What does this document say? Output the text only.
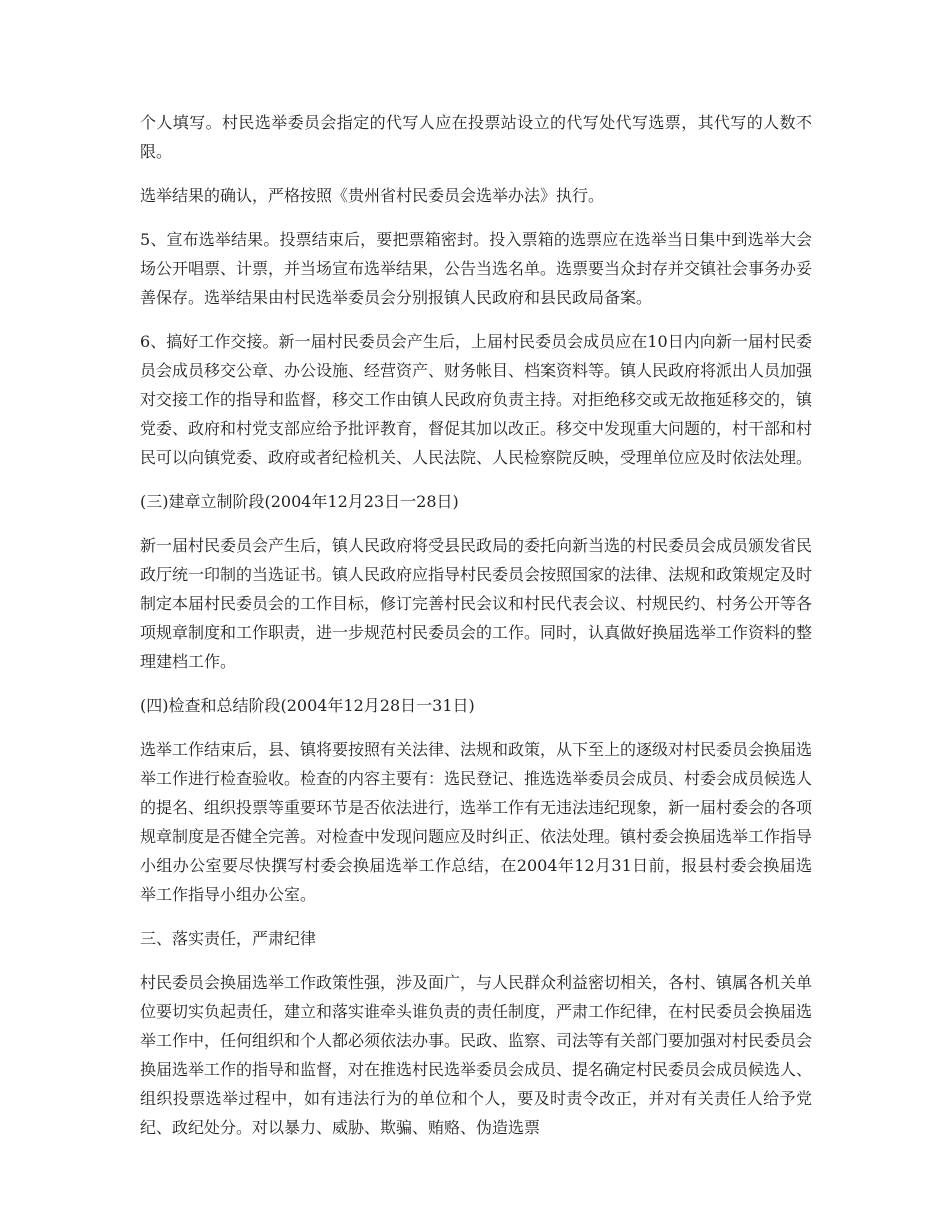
个人填写。村民选举委员会指定的代写人应在投票站设立的代写处代写选票，其代写的人数不限。

选举结果的确认，严格按照《贵州省村民委员会选举办法》执行。

5、宣布选举结果。投票结束后，要把票箱密封。投入票箱的选票应在选举当日集中到选举大会场公开唱票、计票，并当场宣布选举结果，公告当选名单。选票要当众封存并交镇社会事务办妥善保存。选举结果由村民选举委员会分别报镇人民政府和县民政局备案。

6、搞好工作交接。新一届村民委员会产生后，上届村民委员会成员应在10日内向新一届村民委员会成员移交公章、办公设施、经营资产、财务帐目、档案资料等。镇人民政府将派出人员加强对交接工作的指导和监督，移交工作由镇人民政府负责主持。对拒绝移交或无故拖延移交的，镇党委、政府和村党支部应给予批评教育，督促其加以改正。移交中发现重大问题的，村干部和村民可以向镇党委、政府或者纪检机关、人民法院、人民检察院反映，受理单位应及时依法处理。

(三)建章立制阶段(2004年12月23日一28日)

新一届村民委员会产生后，镇人民政府将受县民政局的委托向新当选的村民委员会成员颁发省民政厅统一印制的当选证书。镇人民政府应指导村民委员会按照国家的法律、法规和政策规定及时制定本届村民委员会的工作目标，修订完善村民会议和村民代表会议、村规民约、村务公开等各项规章制度和工作职责，进一步规范村民委员会的工作。同时，认真做好换届选举工作资料的整理建档工作。

(四)检查和总结阶段(2004年12月28日一31日)

选举工作结束后，县、镇将要按照有关法律、法规和政策，从下至上的逐级对村民委员会换届选举工作进行检查验收。检查的内容主要有：选民登记、推选选举委员会成员、村委会成员候选人的提名、组织投票等重要环节是否依法进行，选举工作有无违法违纪现象，新一届村委会的各项规章制度是否健全完善。对检查中发现问题应及时纠正、依法处理。镇村委会换届选举工作指导小组办公室要尽快撰写村委会换届选举工作总结，在2004年12月31日前，报县村委会换届选举工作指导小组办公室。

三、落实责任，严肃纪律

村民委员会换届选举工作政策性强，涉及面广，与人民群众利益密切相关，各村、镇属各机关单位要切实负起责任，建立和落实谁牵头谁负责的责任制度，严肃工作纪律，在村民委员会换届选举工作中，任何组织和个人都必须依法办事。民政、监察、司法等有关部门要加强对村民委员会换届选举工作的指导和监督，对在推选村民选举委员会成员、提名确定村民委员会成员候选人、组织投票选举过程中，如有违法行为的单位和个人，要及时责令改正，并对有关责任人给予党纪、政纪处分。对以暴力、威胁、欺骗、贿赂、伪造选票
